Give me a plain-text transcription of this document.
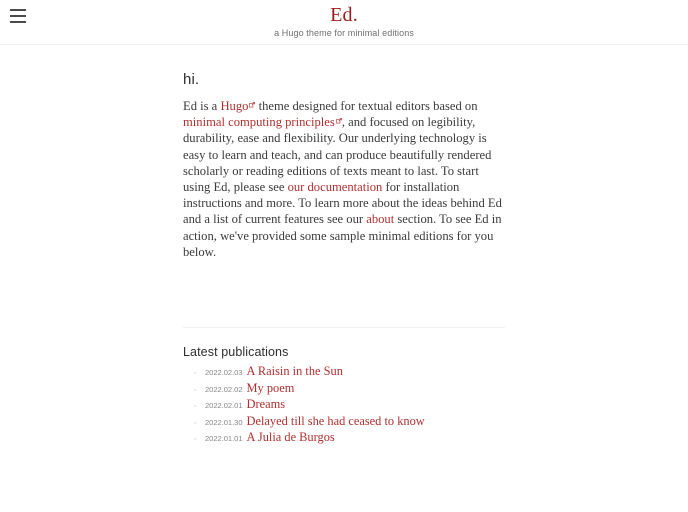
Ed.

a Hugo theme for minimal editions

hi.

Ed is a Hugo
theme designed for textual editors based on minimal computing principles , and focused on legibility, durability, ease and flexibility. Our underlying technology is easy to learn and teach, and can produce beautifully rendered scholarly or reading editions of texts meant to last. To start using Ed, please see our documentation for installation instructions and more. To learn more about the ideas behind Ed and a list of current features see our about section. To see Ed in action, we've provided some sample minimal editions for you below.

Latest publications
◦	2022.02.03 A Raisin in the Sun
◦	2022.02.02 My poem
◦	2022.02.01 Dreams
◦	2022.01.30 Delayed till she had ceased to know
◦	2022.01.01 A Julia de Burgos
